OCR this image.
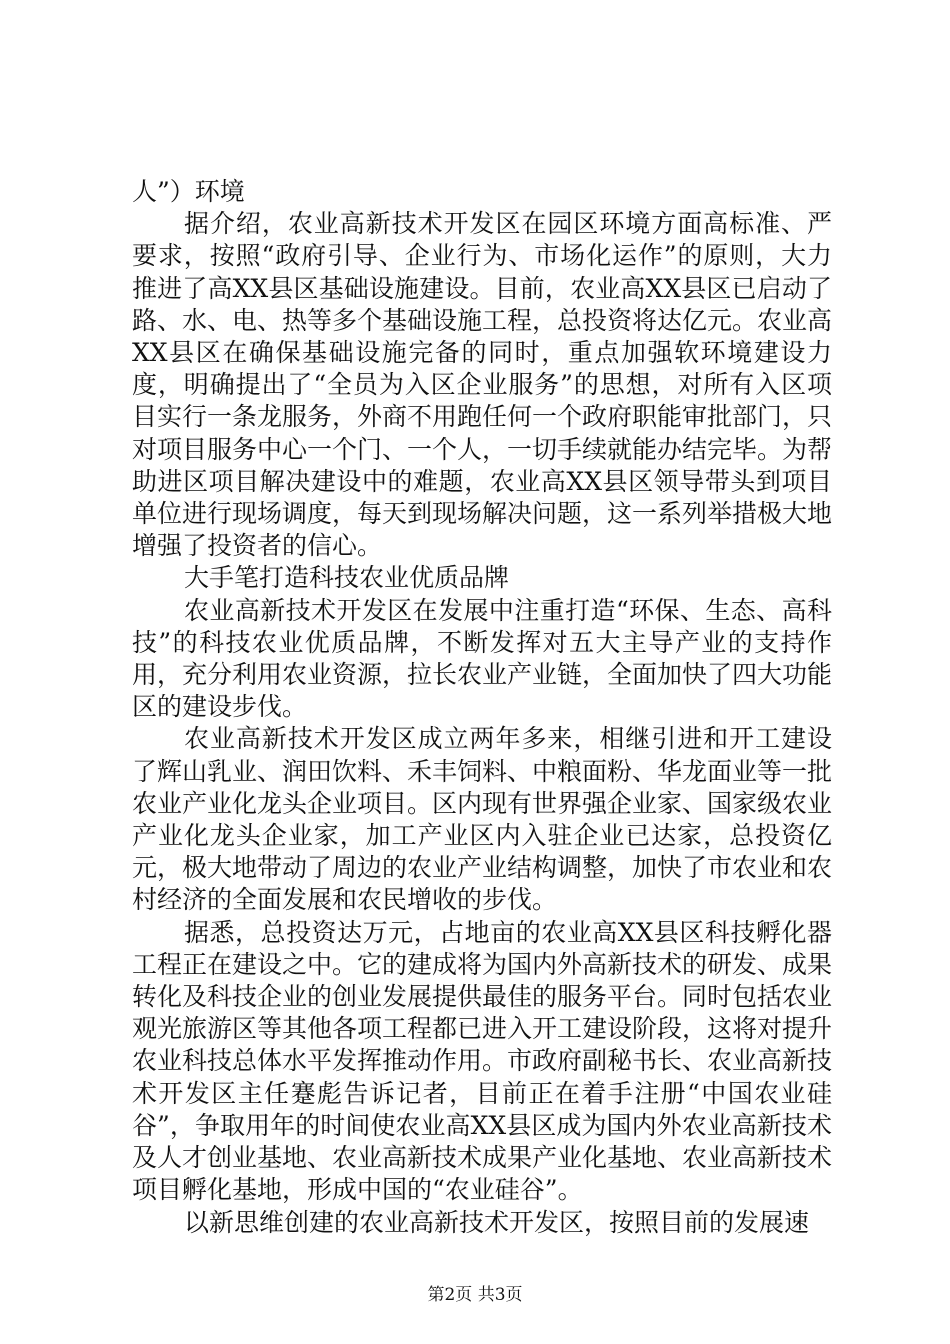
人”）环境

据介绍，农业高新技术开发区在园区环境方面高标准、严要求，按照“政府引导、企业行为、市场化运作”的原则，大力推进了高XX县区基础设施建设。目前，农业高XX县区已启动了路、水、电、热等多个基础设施工程，总投资将达亿元。农业高XX县区在确保基础设施完备的同时，重点加强软环境建设力度，明确提出了“全员为入区企业服务”的思想，对所有入区项目实行一条龙服务，外商不用跑任何一个政府职能审批部门，只对项目服务中心一个门、一个人，一切手续就能办结完毕。为帮助进区项目解决建设中的难题，农业高XX县区领导带头到项目单位进行现场调度，每天到现场解决问题，这一系列举措极大地增强了投资者的信心。

大手笔打造科技农业优质品牌

农业高新技术开发区在发展中注重打造“环保、生态、高科技”的科技农业优质品牌，不断发挥对五大主导产业的支持作用，充分利用农业资源，拉长农业产业链，全面加快了四大功能区的建设步伐。

农业高新技术开发区成立两年多来，相继引进和开工建设了辉山乳业、润田饮料、禾丰饲料、中粮面粉、华龙面业等一批农业产业化龙头企业项目。区内现有世界强企业家、国家级农业产业化龙头企业家，加工产业区内入驻企业已达家，总投资亿元，极大地带动了周边的农业产业结构调整，加快了市农业和农村经济的全面发展和农民增收的步伐。

据悉，总投资达万元，占地亩的农业高XX县区科技孵化器工程正在建设之中。它的建成将为国内外高新技术的研发、成果转化及科技企业的创业发展提供最佳的服务平台。同时包括农业观光旅游区等其他各项工程都已进入开工建设阶段，这将对提升农业科技总体水平发挥推动作用。市政府副秘书长、农业高新技术开发区主任蹇彪告诉记者，目前正在着手注册“中国农业硅谷”，争取用年的时间使农业高XX县区成为国内外农业高新技术及人才创业基地、农业高新技术成果产业化基地、农业高新技术项目孵化基地，形成中国的“农业硅谷”。

以新思维创建的农业高新技术开发区，按照目前的发展速

第2页 共3页
